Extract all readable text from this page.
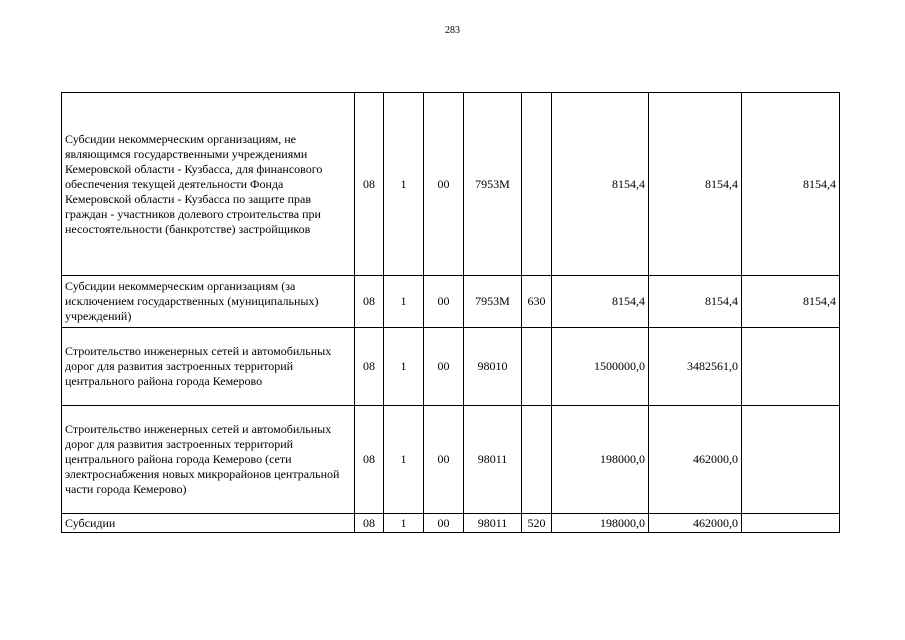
283
Субсидии некоммерческим организациям, не являющимся государственными учреждениями Кемеровской области - Кузбасса, для финансового обеспечения текущей деятельности Фонда Кемеровской области - Кузбасса по защите прав граждан - участников долевого строительства при несостоятельности (банкротстве) застройщиков	08	1	00	7953M		8154,4	8154,4	8154,4
Субсидии некоммерческим организациям (за исключением государственных (муниципальных) учреждений)	08	1	00	7953M	630	8154,4	8154,4	8154,4
Строительство инженерных сетей и автомобильных дорог для развития застроенных территорий центрального района города Кемерово	08	1	00	98010		1500000,0	3482561,0	
Строительство инженерных сетей и автомобильных дорог для развития застроенных территорий центрального района города Кемерово (сети электроснабжения новых микрорайонов центральной части города Кемерово)	08	1	00	98011		198000,0	462000,0	
Субсидии	08	1	00	98011	520	198000,0	462000,0	
